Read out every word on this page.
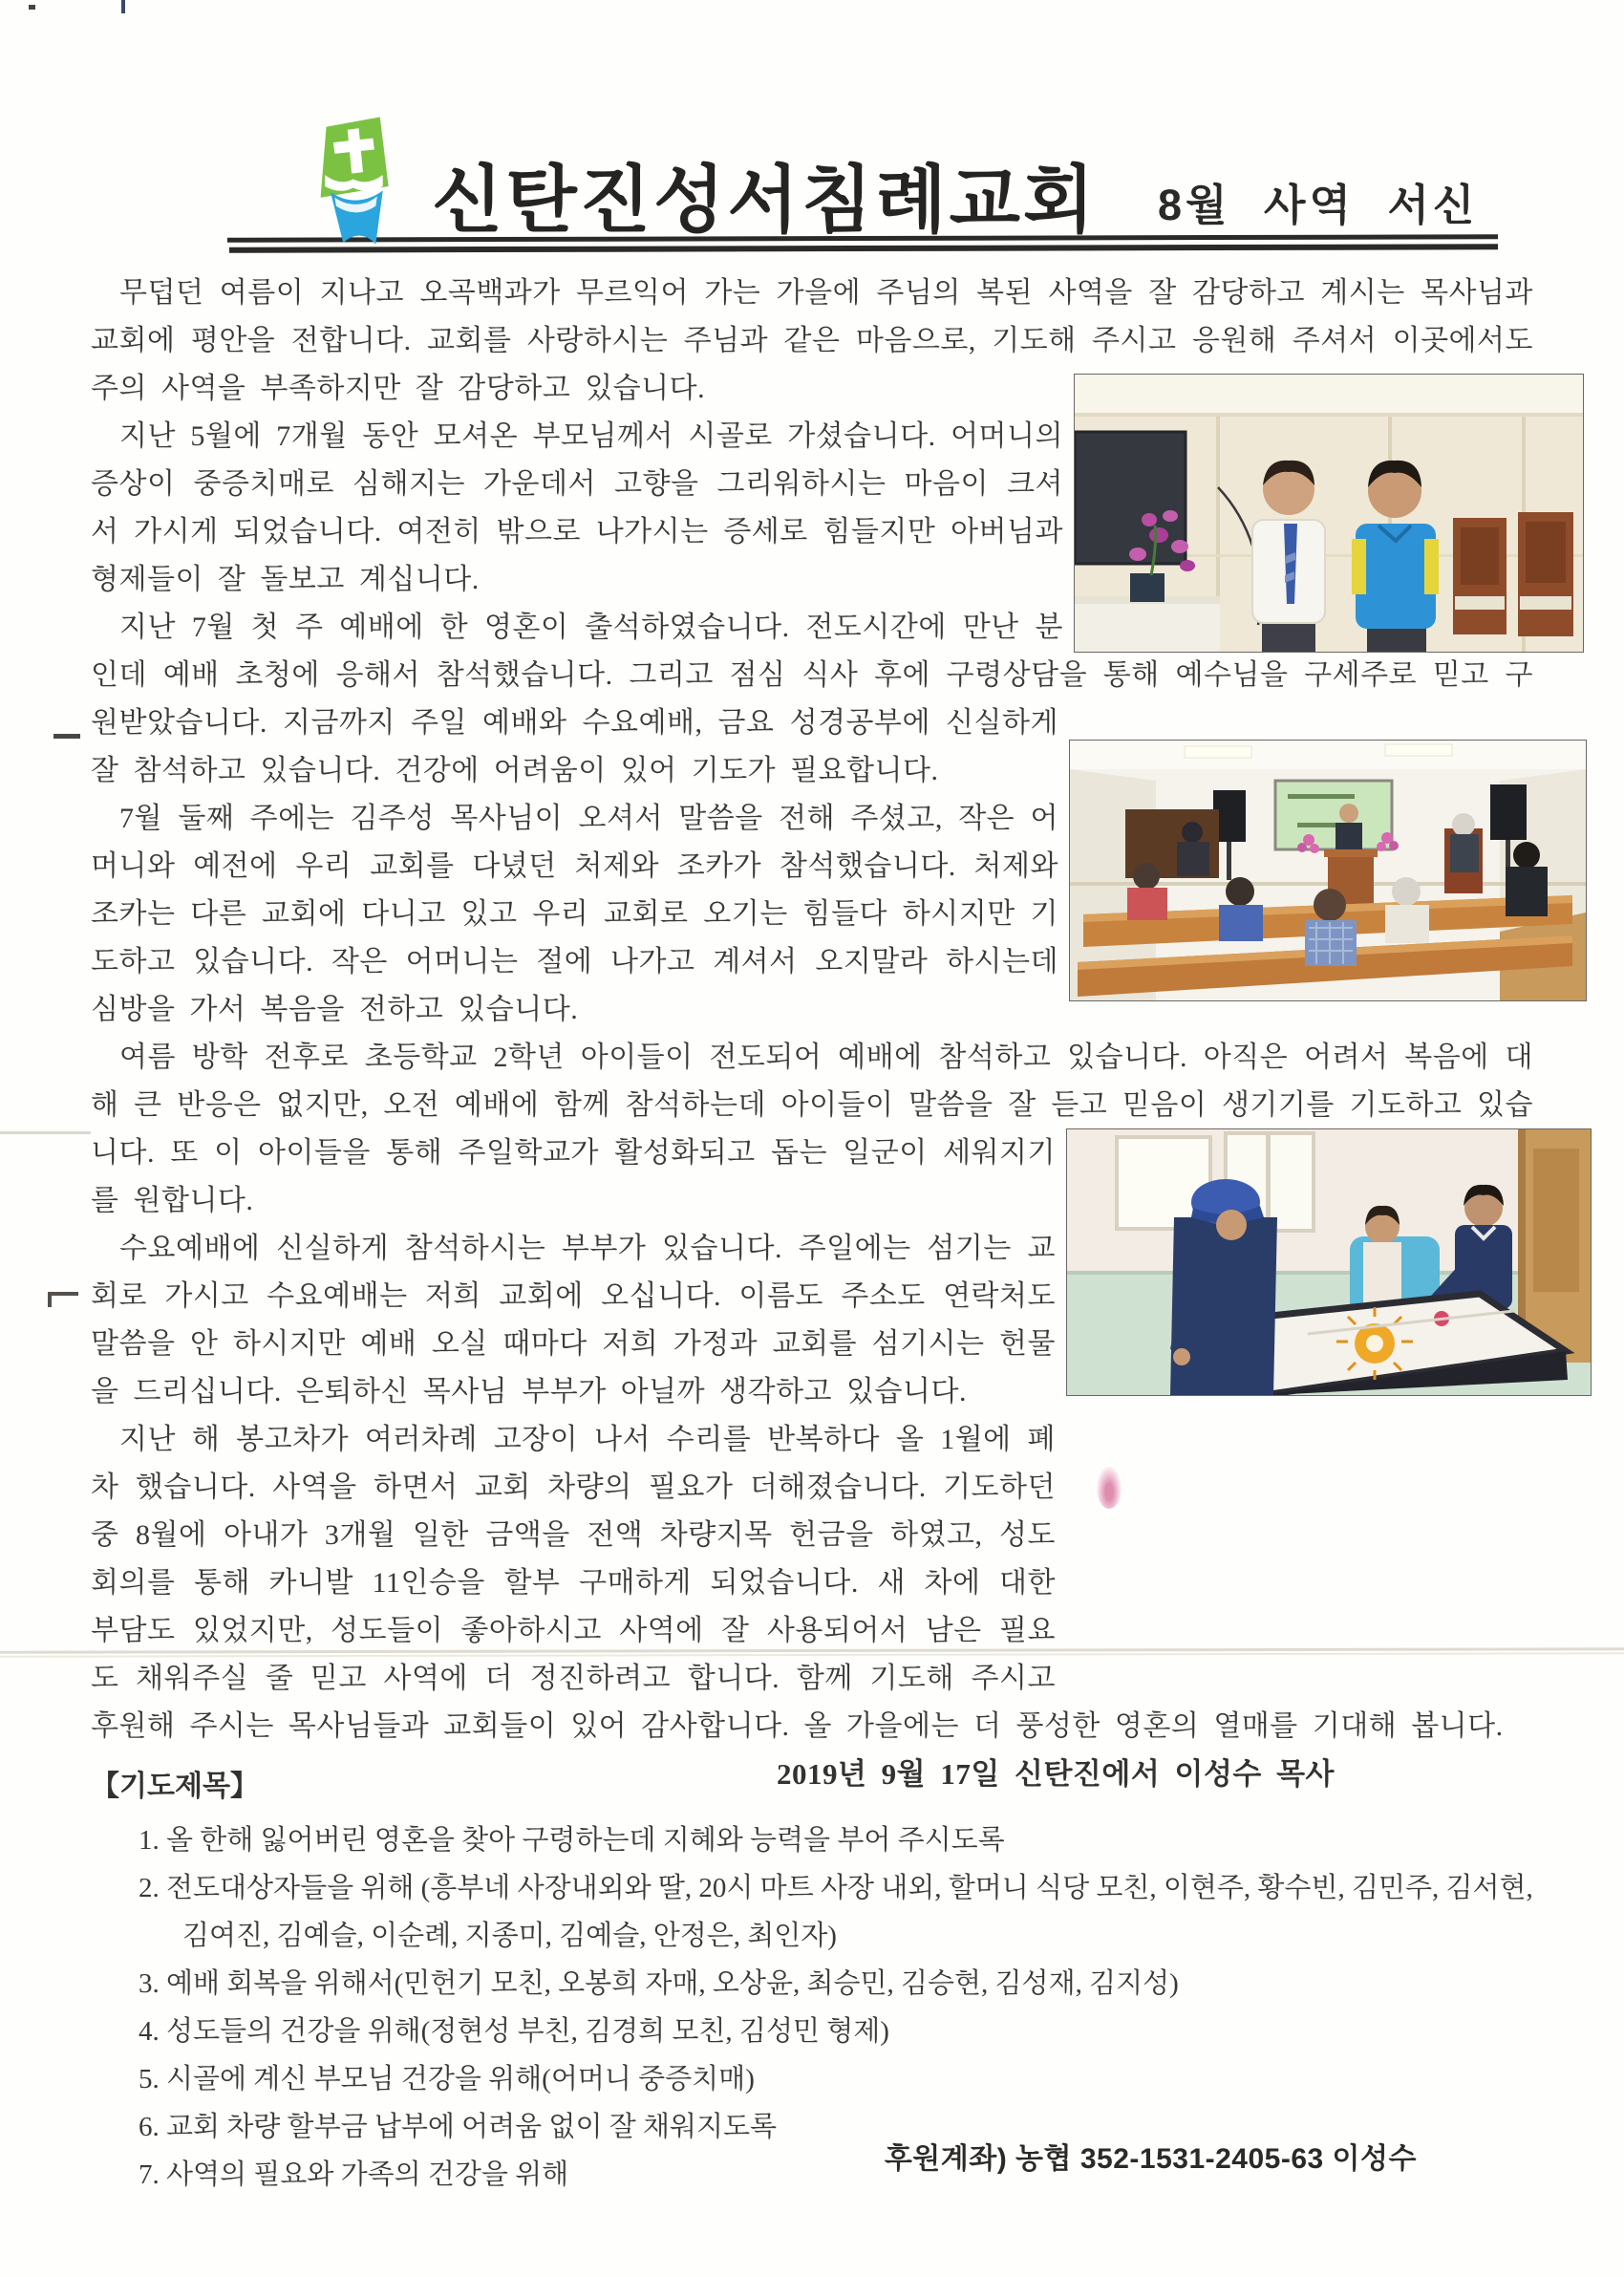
신탄진성서침례교회	8월 사역 서신

무덥던 여름이 지나고 오곡백과가 무르익어 가는 가을에 주님의 복된 사역을 잘 감당하고 계시는 목사님과 교회에 평안을 전합니다. 교회를 사랑하시는 주님과 같은 마음으로, 기도해 주시고 응원해 주셔서 이곳에서도 주의 사역을 부족하지만 잘 감당하고 있습니다.

지난 5월에 7개월 동안 모셔온 부모님께서 시골로 가셨습니다. 어머니의 증상이 중증치매로 심해지는 가운데서 고향을 그리워하시는 마음이 크셔서 가시게 되었습니다. 여전히 밖으로 나가시는 증세로 힘들지만 아버님과 형제들이 잘 돌보고 계십니다.

지난 7월 첫 주 예배에 한 영혼이 출석하였습니다. 전도시간에 만난 분인데 예배 초청에 응해서 참석했습니다. 그리고 점심 식사 후에 구령상담을 통해 예수님을 구세주로 믿고 구원받았습니다. 지금까지 주일 예배와 수요예배, 금요 성경공부에 신실하게 잘 참석하고 있습니다. 건강에 어려움이 있어 기도가 필요합니다.

7월 둘째 주에는 김주성 목사님이 오셔서 말씀을 전해 주셨고, 작은 어머니와 예전에 우리 교회를 다녔던 처제와 조카가 참석했습니다. 처제와 조카는 다른 교회에 다니고 있고 우리 교회로 오기는 힘들다 하시지만 기도하고 있습니다. 작은 어머니는 절에 나가고 계셔서 오지말라 하시는데 심방을 가서 복음을 전하고 있습니다.

여름 방학 전후로 초등학교 2학년 아이들이 전도되어 예배에 참석하고 있습니다. 아직은 어려서 복음에 대해 큰 반응은 없지만, 오전 예배에 함께 참석하는데 아이들이 말씀을 잘 듣고 믿음이 생기기를 기도하고 있습니다. 또 이 아이들을 통해 주일학교가 활성화되고 돕는 일군이 세워지기를 원합니다.

수요예배에 신실하게 참석하시는 부부가 있습니다. 주일에는 섬기는 교회로 가시고 수요예배는 저희 교회에 오십니다. 이름도 주소도 연락처도 말씀을 안 하시지만 예배 오실 때마다 저희 가정과 교회를 섬기시는 헌물을 드리십니다. 은퇴하신 목사님 부부가 아닐까 생각하고 있습니다.

지난 해 봉고차가 여러차례 고장이 나서 수리를 반복하다 올 1월에 폐차 했습니다. 사역을 하면서 교회 차량의 필요가 더해졌습니다. 기도하던 중 8월에 아내가 3개월 일한 금액을 전액 차량지목 헌금을 하였고, 성도회의를 통해 카니발 11인승을 할부 구매하게 되었습니다. 새 차에 대한 부담도 있었지만, 성도들이 좋아하시고 사역에 잘 사용되어서 남은 필요도 채워주실 줄 믿고 사역에 더 정진하려고 합니다. 함께 기도해 주시고 후원해 주시는 목사님들과 교회들이 있어 감사합니다. 올 가을에는 더 풍성한 영혼의 열매를 기대해 봅니다.

2019년 9월 17일 신탄진에서 이성수 목사

【기도제목】
1. 올 한해 잃어버린 영혼을 찾아 구령하는데 지혜와 능력을 부어 주시도록
2. 전도대상자들을 위해 (흥부네 사장내외와 딸, 20시 마트 사장 내외, 할머니 식당 모친, 이현주, 황수빈, 김민주, 김서현, 김여진, 김예슬, 이순례, 지종미, 김예슬, 안정은, 최인자)
3. 예배 회복을 위해서(민헌기 모친, 오봉희 자매, 오상윤, 최승민, 김승현, 김성재, 김지성)
4. 성도들의 건강을 위해(정현성 부친, 김경희 모친, 김성민 형제)
5. 시골에 계신 부모님 건강을 위해(어머니 중증치매)
6. 교회 차량 할부금 납부에 어려움 없이 잘 채워지도록
7. 사역의 필요와 가족의 건강을 위해	후원계좌) 농협 352-1531-2405-63 이성수
